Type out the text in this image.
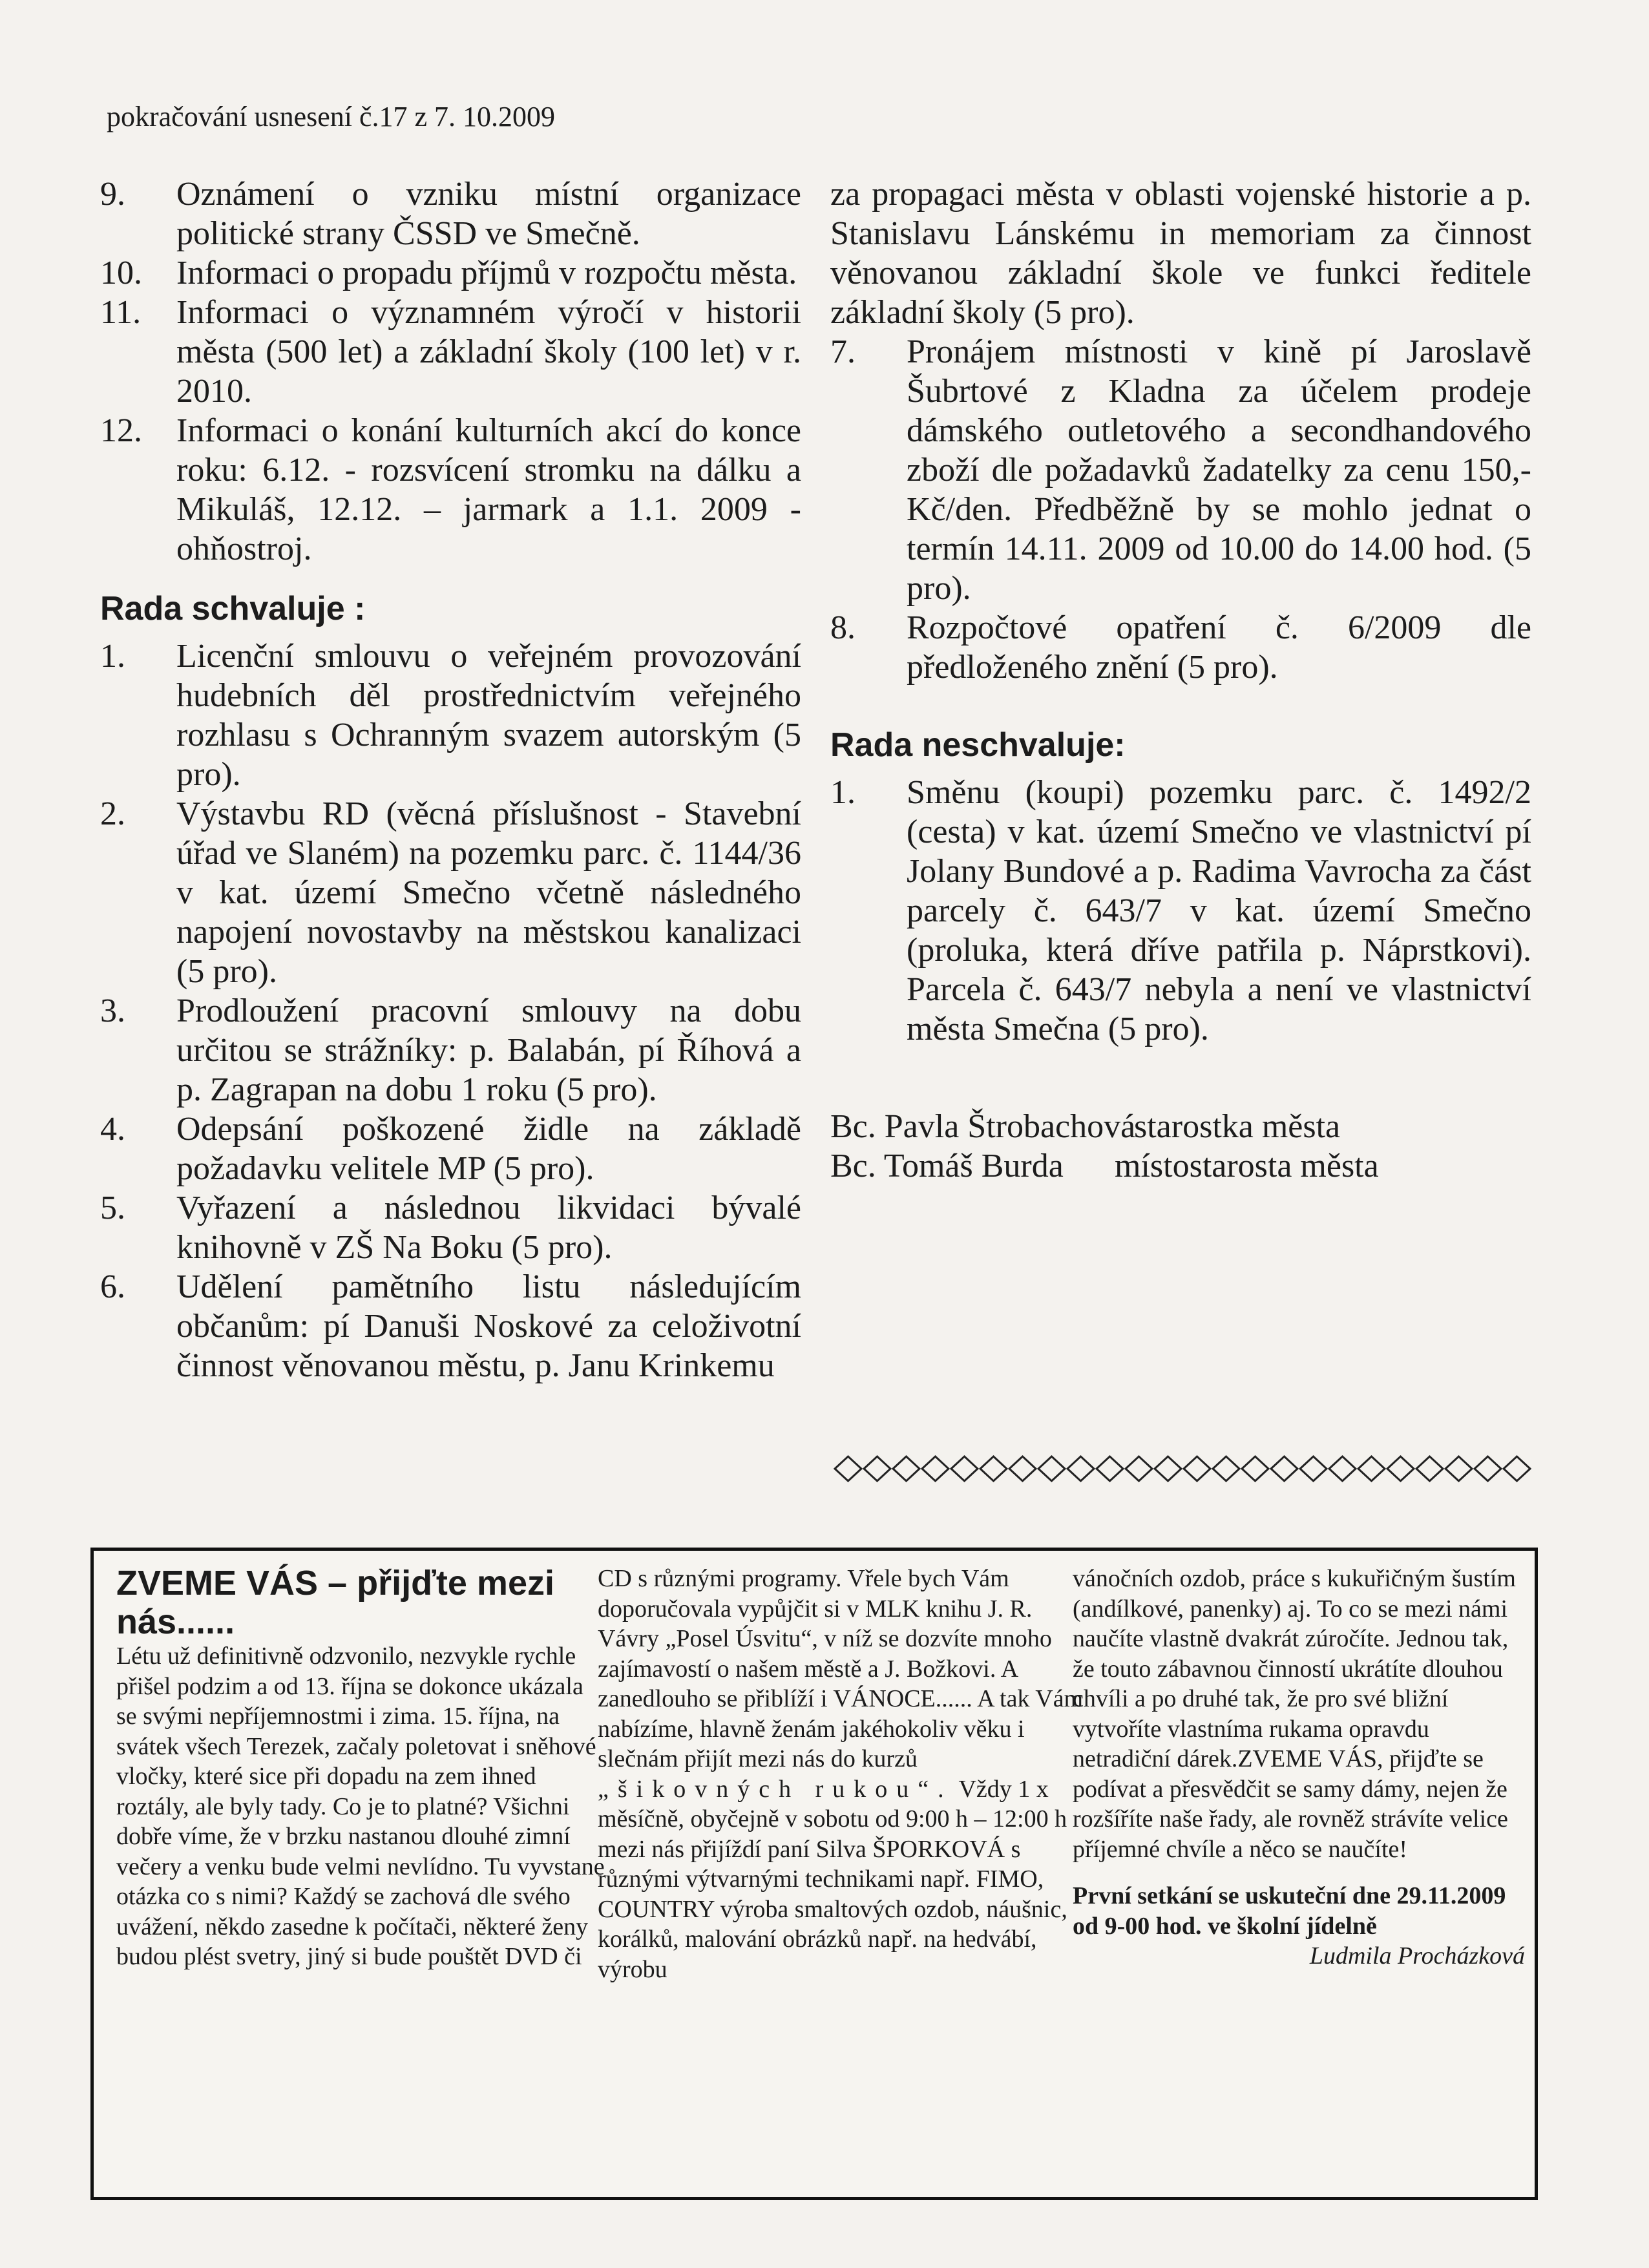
pokračování usnesení č.17 z 7. 10.2009
9. Oznámení o vzniku místní organizace politické strany ČSSD ve Smečně.
10. Informaci o propadu příjmů v rozpočtu města.
11. Informaci o významném výročí v historii města (500 let) a základní školy (100 let) v r. 2010.
12. Informaci o konání kulturních akcí do konce roku: 6.12. - rozsvícení stromku na dálku a Mikuláš, 12.12. – jarmark a 1.1. 2009 - ohňostroj.
Rada schvaluje :
1. Licenční smlouvu o veřejném provozování hudebních děl prostřednictvím veřejného rozhlasu s Ochranným svazem autorským (5 pro).
2. Výstavbu RD (věcná příslušnost - Stavební úřad ve Slaném) na pozemku parc. č. 1144/36 v kat. území Smečno včetně následného napojení novostavby na městskou kanalizaci (5 pro).
3. Prodloužení pracovní smlouvy na dobu určitou se strážníky: p. Balabán, pí Říhová a p. Zagrapan na dobu 1 roku (5 pro).
4. Odepsání poškozené židle na základě požadavku velitele MP (5 pro).
5. Vyřazení a následnou likvidaci bývalé knihovně v ZŠ Na Boku (5 pro).
6. Udělení pamětního listu následujícím občanům: pí Danuši Noskové za celoživotní činnost věnovanou městu, p. Janu Krinkemu

za propagaci města v oblasti vojenské historie a p. Stanislavu Lánskému in memoriam za činnost věnovanou základní škole ve funkci ředitele základní školy (5 pro).

7. Pronájem místnosti v kině pí Jaroslavě Šubrtové z Kladna za účelem prodeje dámského outletového a secondhandového zboží dle požadavků žadatelky za cenu 150,- Kč/den. Předběžně by se mohlo jednat o termín 14.11. 2009 od 10.00 do 14.00 hod. (5 pro).
8. Rozpočtové opatření č. 6/2009 dle předloženého znění (5 pro).
Rada neschvaluje:
1. Směnu (koupi) pozemku parc. č. 1492/2 (cesta) v kat. území Smečno ve vlastnictví pí Jolany Bundové a p. Radima Vavrocha za část parcely č. 643/7 v kat. území Smečno (proluka, která dříve patřila p. Náprstkovi). Parcela č. 643/7 nebyla a není ve vlastnictví města Smečna (5 pro).
Bc. Pavla Štrobachovástarostka města
Bc. Tomáš Burda místostarosta města
ZVEME VÁS – přijďte mezi nás......

Létu už definitivně odzvonilo, nezvykle rychle přišel podzim a od 13. října se dokonce ukázala se svými nepříjemnostmi i zima. 15. října, na svátek všech Terezek, začaly poletovat i sněhové vločky, které sice při dopadu na zem ihned roztály, ale byly tady. Co je to platné? Všichni dobře víme, že v brzku nastanou dlouhé zimní večery a venku bude velmi nevlídno. Tu vyvstane otázka co s nimi? Každý se zachová dle svého uvážení, někdo zasedne k počítači, některé ženy budou plést svetry, jiný si bude pouštět DVD či

CD s různými programy. Vřele bych Vám doporučovala vypůjčit si v MLK knihu J. R. Vávry „Posel Úsvitu“, v níž se dozvíte mnoho zajímavostí o našem městě a J. Božkovi. A zanedlouho se přiblíží i VÁNOCE...... A tak Vám nabízíme, hlavně ženám jakéhokoliv věku i slečnám přijít mezi nás do kurzů „šikovných rukou“. Vždy 1 x měsíčně, obyčejně v sobotu od 9:00 h – 12:00 h mezi nás přijíždí paní Silva ŠPORKOVÁ s různými výtvarnými technikami např. FIMO, COUNTRY výroba smaltových ozdob, náušnic, korálků, malování obrázků např. na hedvábí, výrobu

vánočních ozdob, práce s kukuřičným šustím (andílkové, panenky) aj. To co se mezi námi naučíte vlastně dvakrát zúročíte. Jednou tak, že touto zábavnou činností ukrátíte dlouhou chvíli a po druhé tak, že pro své bližní vytvoříte vlastníma rukama opravdu netradiční dárek.ZVEME VÁS, přijďte se podívat a přesvědčit se samy dámy, nejen že rozšíříte naše řady, ale rovněž strávíte velice příjemné chvíle a něco se naučíte!

První setkání se uskuteční dne 29.11.2009 od 9-00 hod. ve školní jídelně

Ludmila Procházková
